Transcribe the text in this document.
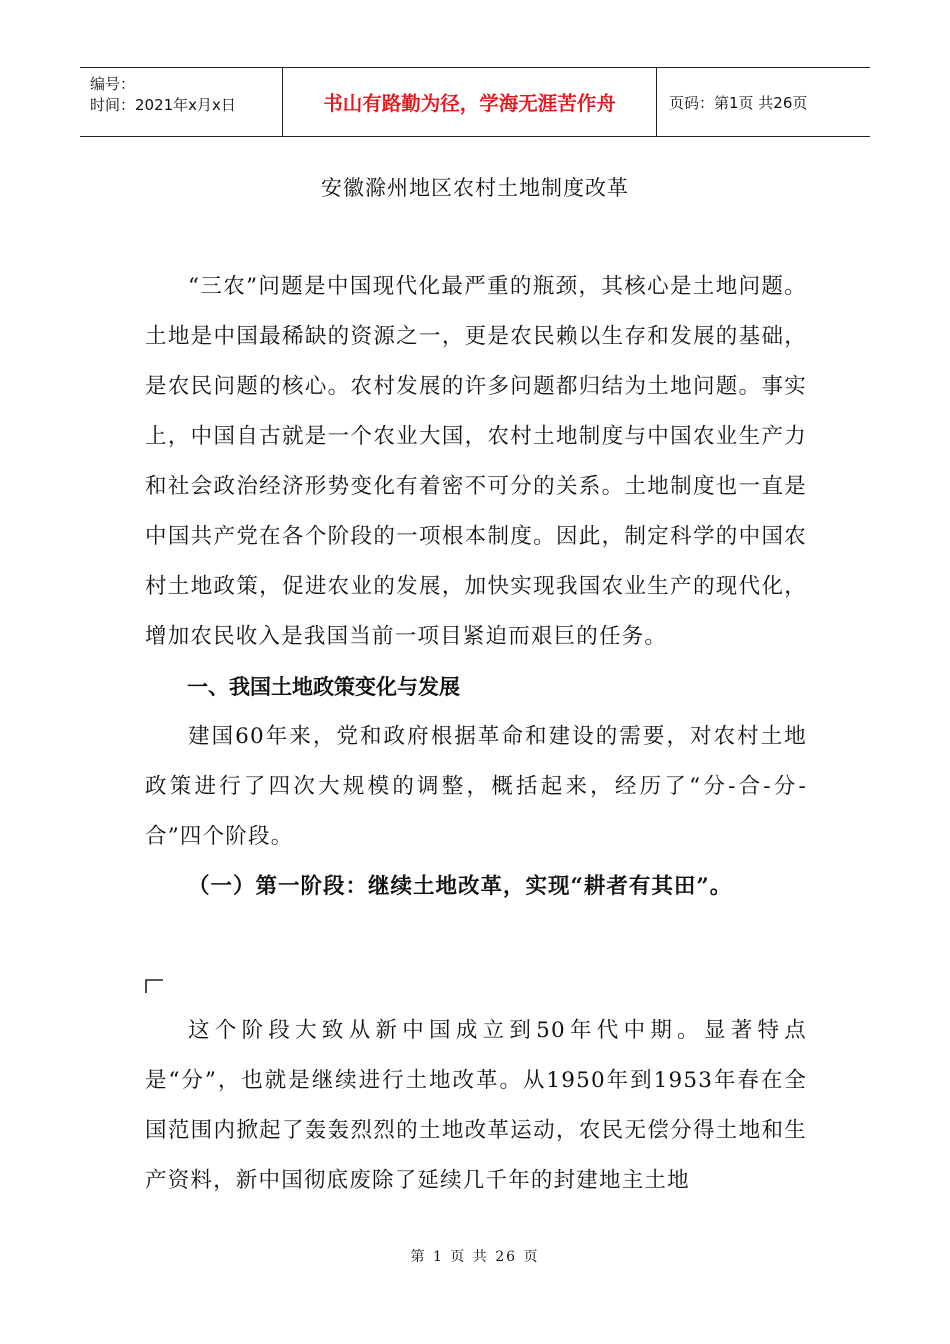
编号：
时间：2021年x月x日	书山有路勤为径，学海无涯苦作舟	页码：第1页 共26页
安徽滁州地区农村土地制度改革

“三农”问题是中国现代化最严重的瓶颈，其核心是土地问题。土地是中国最稀缺的资源之一，更是农民赖以生存和发展的基础，是农民问题的核心。农村发展的许多问题都归结为土地问题。事实上，中国自古就是一个农业大国，农村土地制度与中国农业生产力和社会政治经济形势变化有着密不可分的关系。土地制度也一直是中国共产党在各个阶段的一项根本制度。因此，制定科学的中国农村土地政策，促进农业的发展，加快实现我国农业生产的现代化，增加农民收入是我国当前一项目紧迫而艰巨的任务。

一、我国土地政策变化与发展

建国60年来，党和政府根据革命和建设的需要，对农村土地政策进行了四次大规模的调整，概括起来，经历了“分-合-分-合”四个阶段。

（一）第一阶段：继续土地改革，实现“耕者有其田”。

这个阶段大致从新中国成立到50年代中期。显著特点是“分”，也就是继续进行土地改革。从1950年到1953年春在全国范围内掀起了轰轰烈烈的土地改革运动，农民无偿分得土地和生产资料，新中国彻底废除了延续几千年的封建地主土地

第 1 页 共 26 页
